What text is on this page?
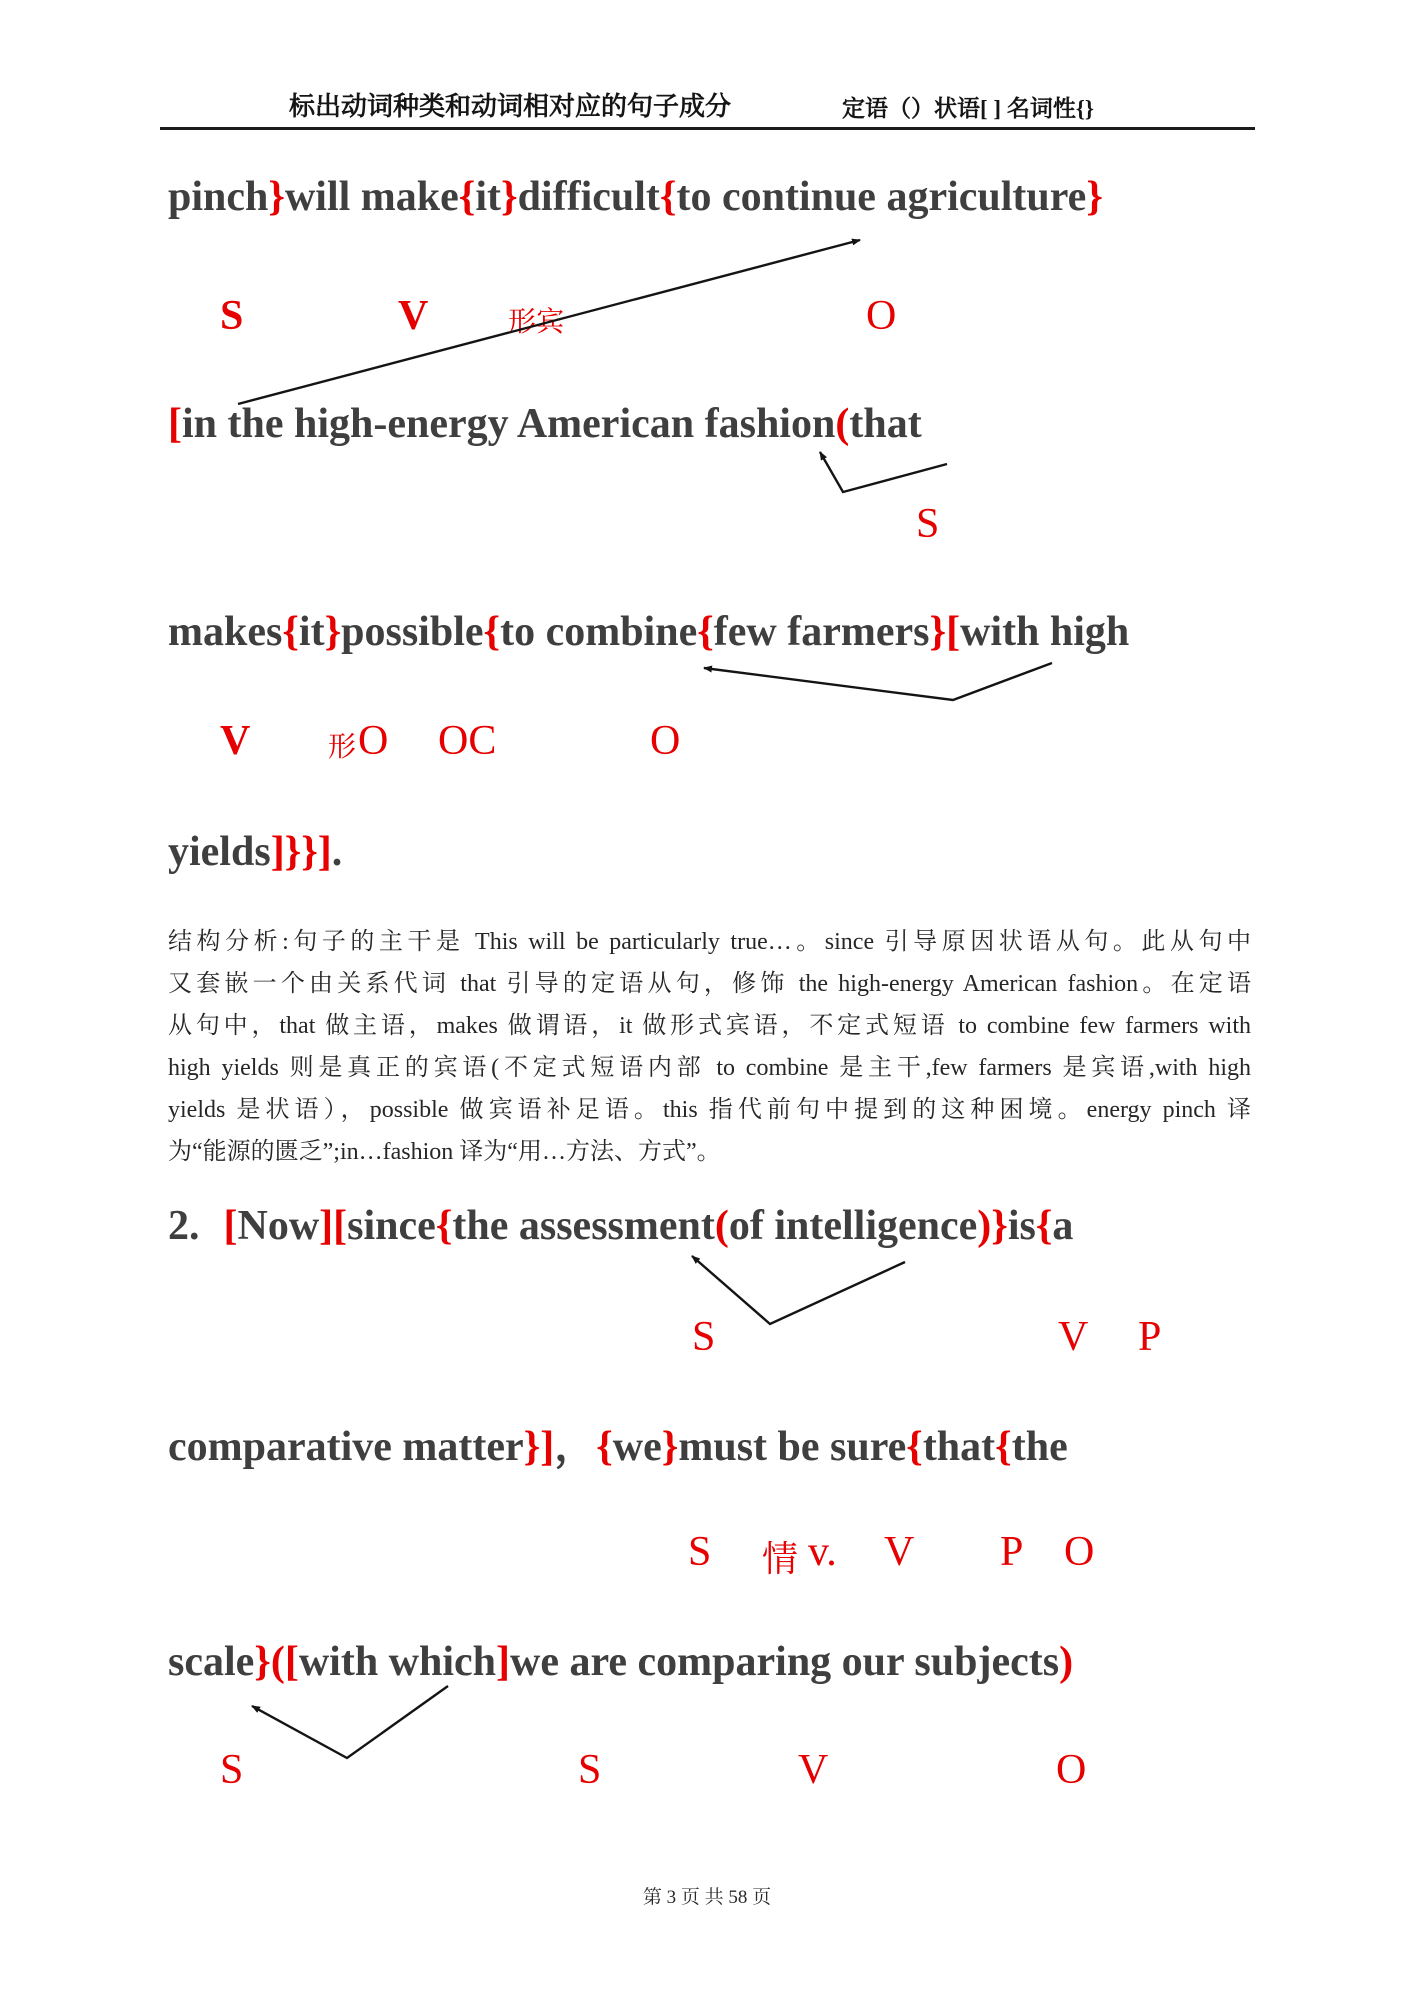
标出动词种类和动词相对应的句子成分	定语（）状语[ ] 名词性{}
pinch}will make{it}difficult{to continue agriculture}
S	V	形宾	O
[in the high-energy American fashion(that
S
makes{it}possible{to combine{few farmers}[with high
V	形 O OC	O
yields]}}].
结构分析:句子的主干是 This will be particularly true…。since 引导原因状语从句。此从句中
又套嵌一个由关系代词 that 引导的定语从句，修饰 the high-energy American fashion。在定语
从句中，that 做主语，makes 做谓语，it 做形式宾语，不定式短语 to combine few farmers with
high yields 则是真正的宾语(不定式短语内部 to combine 是主干,few farmers 是宾语,with high
yields 是状语），possible 做宾语补足语。this 指代前句中提到的这种困境。energy pinch 译
为“能源的匮乏”;in…fashion 译为“用…方法、方式”。
2. [Now][since{the assessment(of intelligence)}is{a
S	V P
comparative matter}]，{we}must be sure{that{the
S 情 v. V P O
scale}([with which]we are comparing our subjects)
S	S	V	O
第 3 页 共 58 页
